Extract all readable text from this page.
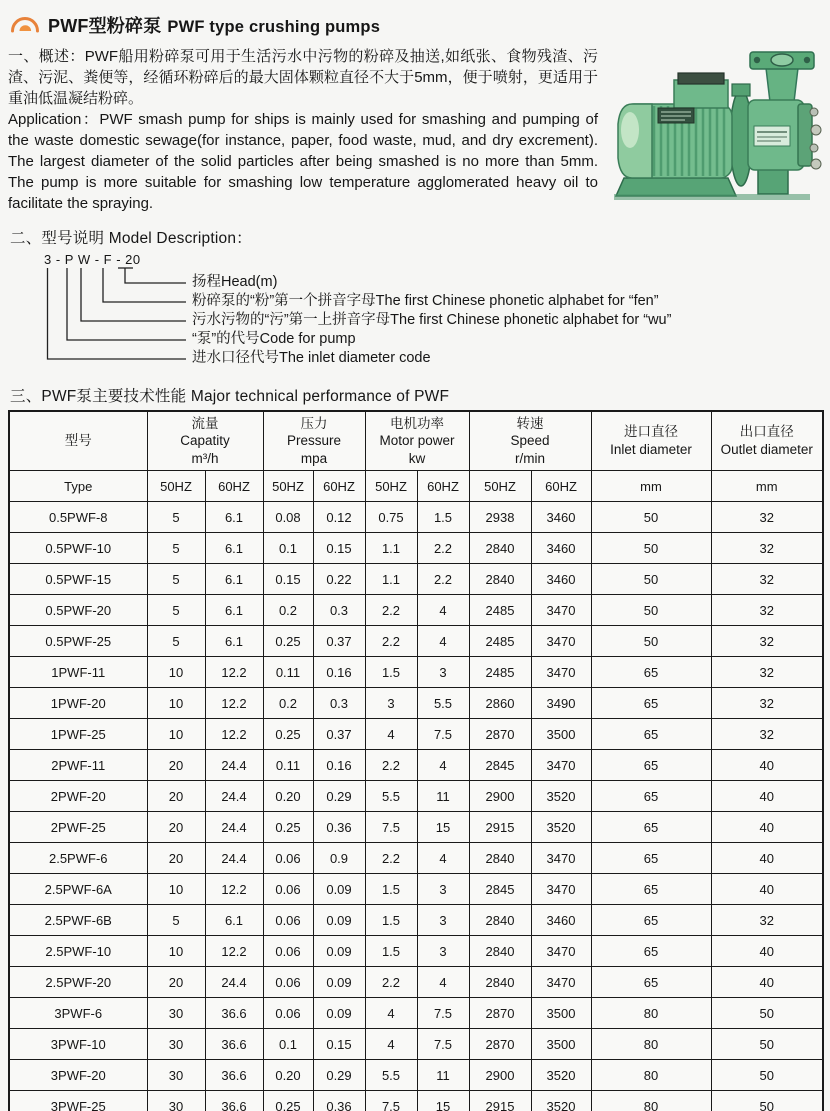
PWF型粉碎泵 PWF type crushing pumps

一、概述：PWF船用粉碎泵可用于生活污水中污物的粉碎及抽送,如纸张、食物残渣、污渣、污泥、粪便等，经循环粉碎后的最大固体颗粒直径不大于5mm，便于喷射，更适用于重油低温凝结粉碎。

Application：PWF smash pump for ships is mainly used for smashing and pumping of the waste domestic sewage(for instance, paper, food waste, mud, and dry excrement). The largest diameter of the solid particles after being smashed is no more than 5mm. The pump is more suitable for smashing low temperature agglomerated heavy oil to facilitate the spraying.

二、型号说明 Model Description：
3 - P W - F - 20
扬程Head(m)
粉碎泵的“粉”第一个拼音字母The first Chinese phonetic alphabet for “fen”
污水污物的“污”第一上拼音字母The first Chinese phonetic alphabet for “wu”
“泵”的代号Code for pump
进水口径代号The inlet diameter code
三、PWF泵主要技术性能 Major technical performance of PWF
型号	
流量
Capatity
m³/h

压力
Pressure
mpa

电机功率
Motor power
kw

转速
Speed
r/min

进口直径
Inlet diameter

出口直径
Outlet diameter

Type	50HZ	60HZ	50HZ	60HZ	50HZ	60HZ	50HZ	60HZ	mm	mm
0.5PWF-8	5	6.1	0.08	0.12	0.75	1.5	2938	3460	50	32
0.5PWF-10	5	6.1	0.1	0.15	1.1	2.2	2840	3460	50	32
0.5PWF-15	5	6.1	0.15	0.22	1.1	2.2	2840	3460	50	32
0.5PWF-20	5	6.1	0.2	0.3	2.2	4	2485	3470	50	32
0.5PWF-25	5	6.1	0.25	0.37	2.2	4	2485	3470	50	32
1PWF-11	10	12.2	0.11	0.16	1.5	3	2485	3470	65	32
1PWF-20	10	12.2	0.2	0.3	3	5.5	2860	3490	65	32
1PWF-25	10	12.2	0.25	0.37	4	7.5	2870	3500	65	32
2PWF-11	20	24.4	0.11	0.16	2.2	4	2845	3470	65	40
2PWF-20	20	24.4	0.20	0.29	5.5	11	2900	3520	65	40
2PWF-25	20	24.4	0.25	0.36	7.5	15	2915	3520	65	40
2.5PWF-6	20	24.4	0.06	0.9	2.2	4	2840	3470	65	40
2.5PWF-6A	10	12.2	0.06	0.09	1.5	3	2845	3470	65	40
2.5PWF-6B	5	6.1	0.06	0.09	1.5	3	2840	3460	65	32
2.5PWF-10	10	12.2	0.06	0.09	1.5	3	2840	3470	65	40
2.5PWF-20	20	24.4	0.06	0.09	2.2	4	2840	3470	65	40
3PWF-6	30	36.6	0.06	0.09	4	7.5	2870	3500	80	50
3PWF-10	30	36.6	0.1	0.15	4	7.5	2870	3500	80	50
3PWF-20	30	36.6	0.20	0.29	5.5	11	2900	3520	80	50
3PWF-25	30	36.6	0.25	0.36	7.5	15	2915	3520	80	50
